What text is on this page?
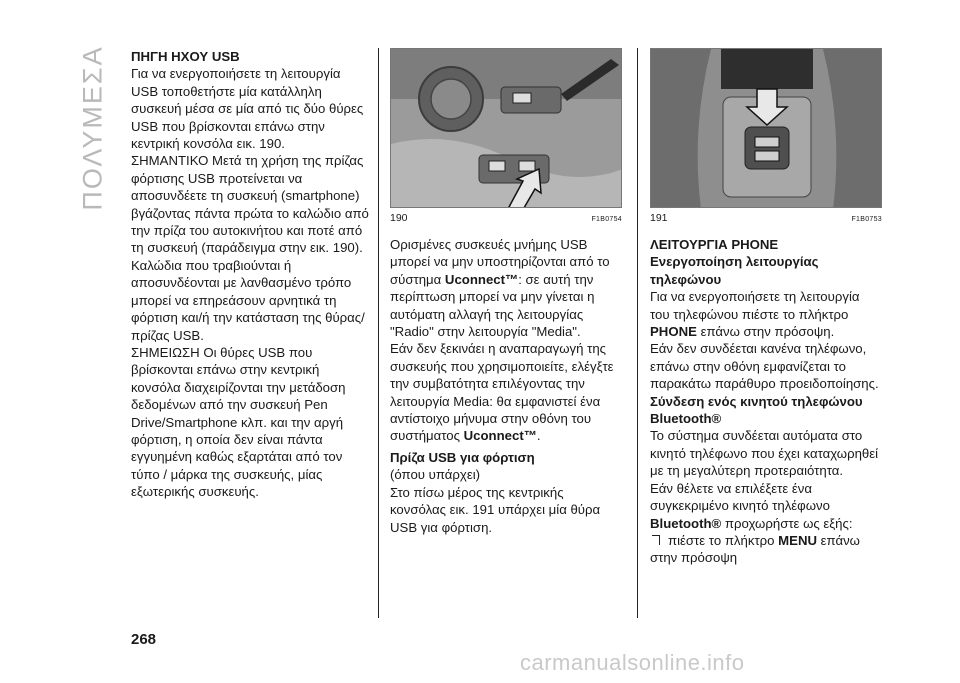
ΠΟΛΥΜΕΣΑ ΠΗΓΗ ΗΧΟΥ USB

Για να ενεργοποιήσετε τη λειτουργία USB τοποθετήστε μία κατάλληλη συσκευή μέσα σε μία από τις δύο θύρες USB που βρίσκονται επάνω στην κεντρική κονσόλα εικ. 190.

ΣΗΜΑΝΤΙΚΟ Μετά τη χρήση της πρίζας φόρτισης USB προτείνεται να αποσυνδέετε τη συσκευή (smartphone) βγάζοντας πάντα πρώτα το καλώδιο από την πρίζα του αυτοκινήτου και ποτέ από τη συσκευή (παράδειγμα στην εικ. 190). Καλώδια που τραβιούνται ή αποσυνδέονται με λανθασμένο τρόπο μπορεί να επηρεάσουν αρνητικά τη φόρτιση και/ή την κατάσταση της θύρας/πρίζας USB.

ΣΗΜΕΙΩΣΗ Οι θύρες USB που βρίσκονται επάνω στην κεντρική κονσόλα διαχειρίζονται την μετάδοση δεδομένων από την συσκευή Pen Drive/Smartphone κλπ. και την αργή φόρτιση, η οποία δεν είναι πάντα εγγυημένη καθώς εξαρτάται από τον τύπο / μάρκα της συσκευής, μίας εξωτερικής συσκευής.

190	F1B0754

Ορισμένες συσκευές μνήμης USB μπορεί να μην υποστηρίζονται από το σύστημα Uconnect™: σε αυτή την περίπτωση μπορεί να μην γίνεται η αυτόματη αλλαγή της λειτουργίας "Radio" στην λειτουργία "Media".

Εάν δεν ξεκινάει η αναπαραγωγή της συσκευής που χρησιμοποιείτε, ελέγξτε την συμβατότητα επιλέγοντας την λειτουργία Media: θα εμφανιστεί ένα αντίστοιχο μήνυμα στην οθόνη του συστήματος Uconnect™.

Πρίζα USB για φόρτιση

(όπου υπάρχει)

Στο πίσω μέρος της κεντρικής κονσόλας εικ. 191 υπάρχει μία θύρα USB για φόρτιση.

191	F1B0753

ΛΕΙΤΟΥΡΓΙΑ PHONE

Ενεργοποίηση λειτουργίας τηλεφώνου

Για να ενεργοποιήσετε τη λειτουργία του τηλεφώνου πιέστε το πλήκτρο PHONE επάνω στην πρόσοψη.

Εάν δεν συνδέεται κανένα τηλέφωνο, επάνω στην οθόνη εμφανίζεται το παρακάτω παράθυρο προειδοποίησης.

Σύνδεση ενός κινητού τηλεφώνου Bluetooth®

Το σύστημα συνδέεται αυτόματα στο κινητό τηλέφωνο που έχει καταχωρηθεί με τη μεγαλύτερη προτεραιότητα.

Εάν θέλετε να επιλέξετε ένα συγκεκριμένο κινητό τηλέφωνο Bluetooth® προχωρήστε ως εξής:

πιέστε το πλήκτρο MENU επάνω στην πρόσοψη

268
carmanualsonline.info
